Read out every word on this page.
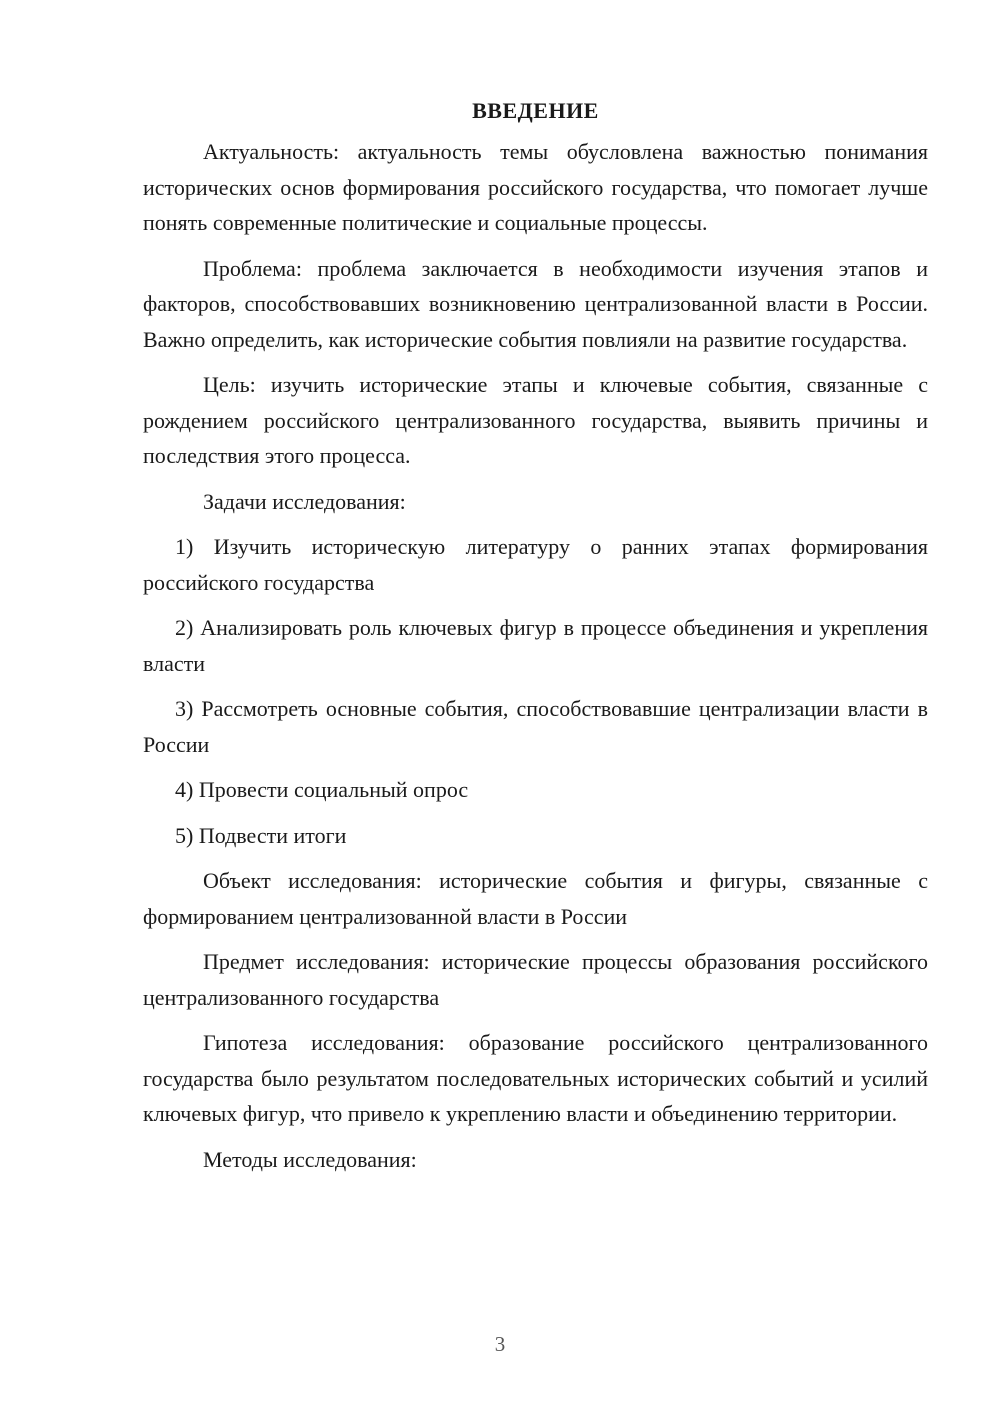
ВВЕДЕНИЕ

Актуальность: актуальность темы обусловлена важностью понимания исторических основ формирования российского государства, что помогает лучше понять современные политические и социальные процессы.

Проблема: проблема заключается в необходимости изучения этапов и факторов, способствовавших возникновению централизованной власти в России. Важно определить, как исторические события повлияли на развитие государства.

Цель: изучить исторические этапы и ключевые события, связанные с рождением российского централизованного государства, выявить причины и последствия этого процесса.

Задачи исследования:

1) Изучить историческую литературу о ранних этапах формирования российского государства

2) Анализировать роль ключевых фигур в процессе объединения и укрепления власти

3) Рассмотреть основные события, способствовавшие централизации власти в России

4) Провести социальный опрос

5) Подвести итоги

Объект исследования: исторические события и фигуры, связанные с формированием централизованной власти в России

Предмет исследования: исторические процессы образования российского централизованного государства

Гипотеза исследования: образование российского централизованного государства было результатом последовательных исторических событий и усилий ключевых фигур, что привело к укреплению власти и объединению территории.

Методы исследования:

3
